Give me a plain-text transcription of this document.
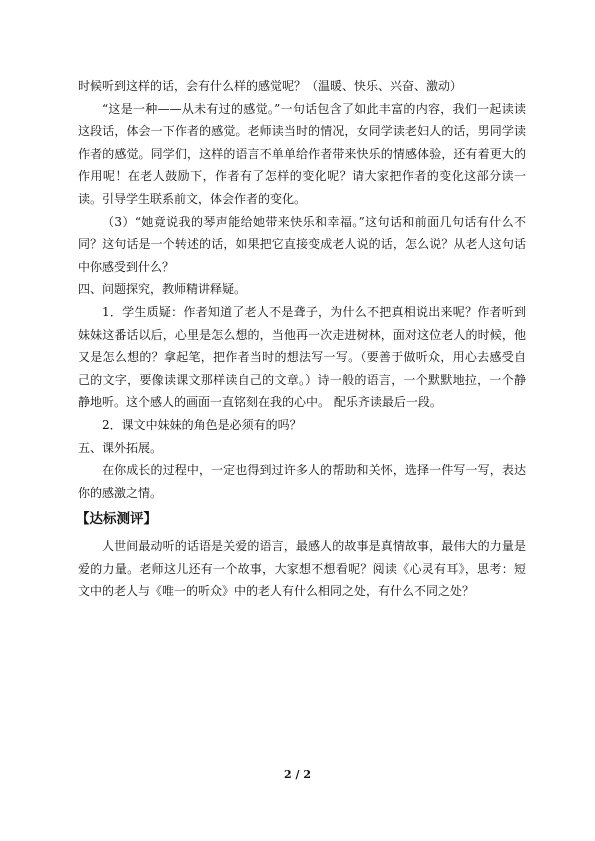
时候听到这样的话，会有什么样的感觉呢？（温暖、快乐、兴奋、激动）

“这是一种——从未有过的感觉。”一句话包含了如此丰富的内容，我们一起读读这段话，体会一下作者的感觉。老师读当时的情况，女同学读老妇人的话，男同学读作者的感觉。同学们，这样的语言不单单给作者带来快乐的情感体验，还有着更大的作用呢！在老人鼓励下，作者有了怎样的变化呢？请大家把作者的变化这部分读一读。引导学生联系前文，体会作者的变化。

（3）“她竟说我的琴声能给她带来快乐和幸福。”这句话和前面几句话有什么不同？这句话是一个转述的话，如果把它直接变成老人说的话，怎么说？从老人这句话中你感受到什么？

四、问题探究，教师精讲释疑。

1．学生质疑：作者知道了老人不是聋子，为什么不把真相说出来呢？作者听到妹妹这番话以后，心里是怎么想的，当他再一次走进树林，面对这位老人的时候，他又是怎么想的？拿起笔，把作者当时的想法写一写。（要善于做听众，用心去感受自己的文字，要像读课文那样读自己的文章。）诗一般的语言，一个默默地拉，一个静静地听。这个感人的画面一直铭刻在我的心中。 配乐齐读最后一段。

2．课文中妹妹的角色是必须有的吗？

五、课外拓展。

在你成长的过程中，一定也得到过许多人的帮助和关怀，选择一件写一写，表达你的感激之情。

【达标测评】

人世间最动听的话语是关爱的语言，最感人的故事是真情故事，最伟大的力量是爱的力量。老师这儿还有一个故事，大家想不想看呢？阅读《心灵有耳》，思考：短文中的老人与《唯一的听众》中的老人有什么相同之处，有什么不同之处？

2 / 2
